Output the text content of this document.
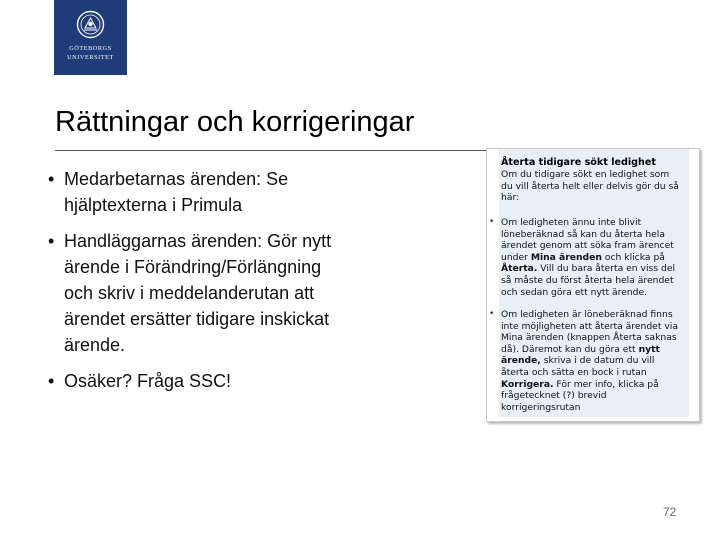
GÖTEBORGS
UNIVERSITET
Rättningar och korrigeringar
• Medarbetarnas ärenden: Se
hjälptexterna i Primula
• Handläggarnas ärenden: Gör nytt
ärende i Förändring/Förlängning
och skriv i meddelanderutan att
ärendet ersätter tidigare inskickat
ärende.
• Osäker? Fråga SSC!
•
•
Återta tidigare sökt ledighet
Om du tidigare sökt en ledighet som
du vill återta helt eller delvis gör du så
här:
Om ledigheten ännu inte blivit
löneberäknad så kan du återta hela
ärendet genom att söka fram ärencet
under Mina ärenden och klicka på
Återta. Vill du bara återta en viss del
så måste du först återta hela ärendet
och sedan göra ett nytt ärende.
Om ledigheten är löneberäknad finns
inte möjligheten att återta ärendet via
Mina ärenden (knappen Återta saknas
då). Däremot kan du göra ett nytt
ärende, skriva i de datum du vill
återta och sätta en bock i rutan
Korrigera. För mer info, klicka på
frågetecknet (?) brevid
korrigeringsrutan
72
